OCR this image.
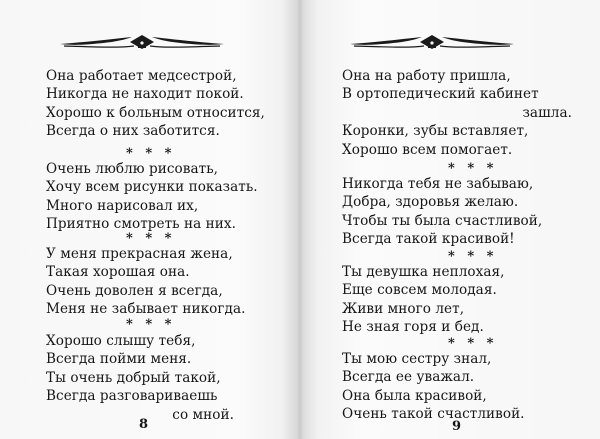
Она работает медсестрой,
Никогда не находит покой.
Хорошо к больным относится,
Всегда о них заботится.
* * *
Очень люблю рисовать,
Хочу всем рисунки показать.
Много нарисовал их,
Приятно смотреть на них.
* * *
У меня прекрасная жена,
Такая хорошая она.
Очень доволен я всегда,
Меня не забывает никогда.
* * *
Хорошо слышу тебя,
Всегда пойми меня.
Ты очень добрый такой,
Всегда разговариваешь
со мной.
8
Она на работу пришла,
В ортопедический кабинет
зашла.
Коронки, зубы вставляет,
Хорошо всем помогает.
* * *
Никогда тебя не забываю,
Добра, здоровья желаю.
Чтобы ты была счастливой,
Всегда такой красивой!
* * *
Ты девушка неплохая,
Еще совсем молодая.
Живи много лет,
Не зная горя и бед.
* * *
Ты мою сестру знал,
Всегда ее уважал.
Она была красивой,
Очень такой счастливой.
9
